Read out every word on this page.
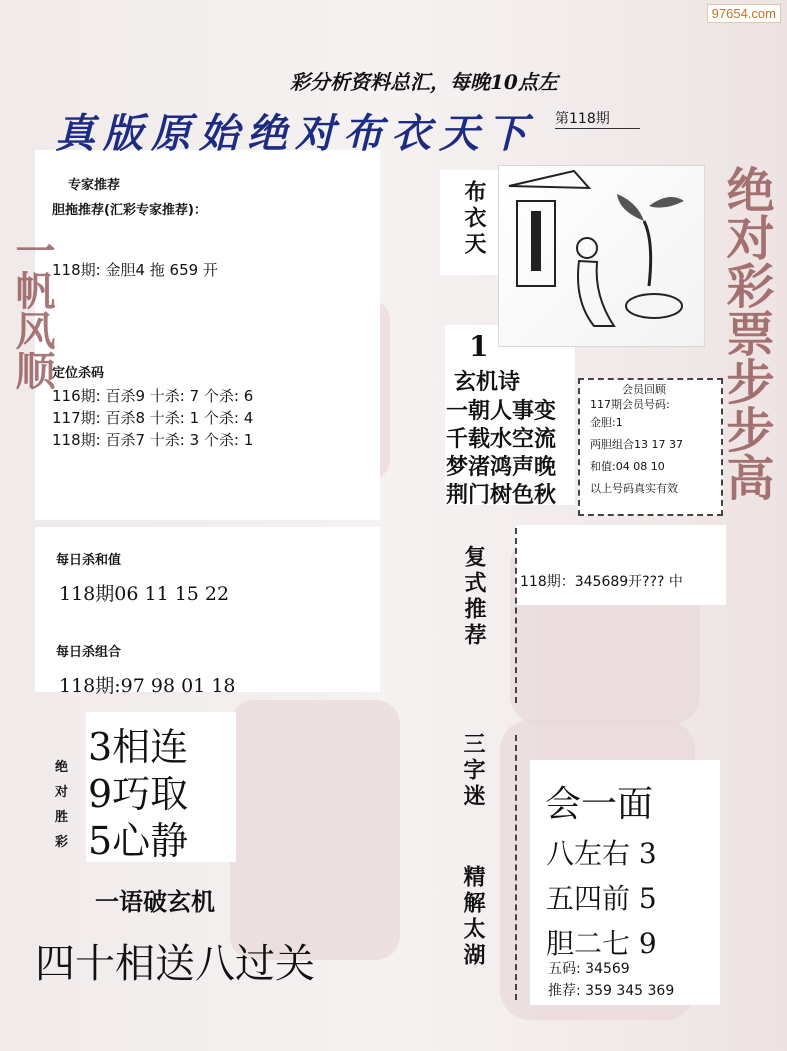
97654.com
彩分析资料总汇，每晚10点左
真版原始绝对布衣天下 第118期
专家推荐
胆拖推荐(汇彩专家推荐)：
118期: 金胆4 拖 659 开
定位杀码
116期: 百杀9 十杀: 7 个杀: 6
117期: 百杀8 十杀: 1 个杀: 4
118期: 百杀7 十杀: 3 个杀: 1
每日杀和值
118期06 11 15 22
每日杀组合
118期:97 98 01 18
布衣天
1
玄机诗
一朝人事变
千载水空流
梦渚鸿声晚
荆门树色秋
会员回顾
117期会员号码:
金胆:1
两胆组合13 17 37
和值:04 08 10
以上号码真实有效
复式推荐 118期：345689开??? 中
绝对胜彩
3相连
9巧取
5心静
一语破玄机
四十相送八过关
三字迷
精解太湖
会一面
八左右 3
五四前 5
胆二七 9
五码: 34569
推荐: 359 345 369
绝对彩票步步高
一帆风顺
